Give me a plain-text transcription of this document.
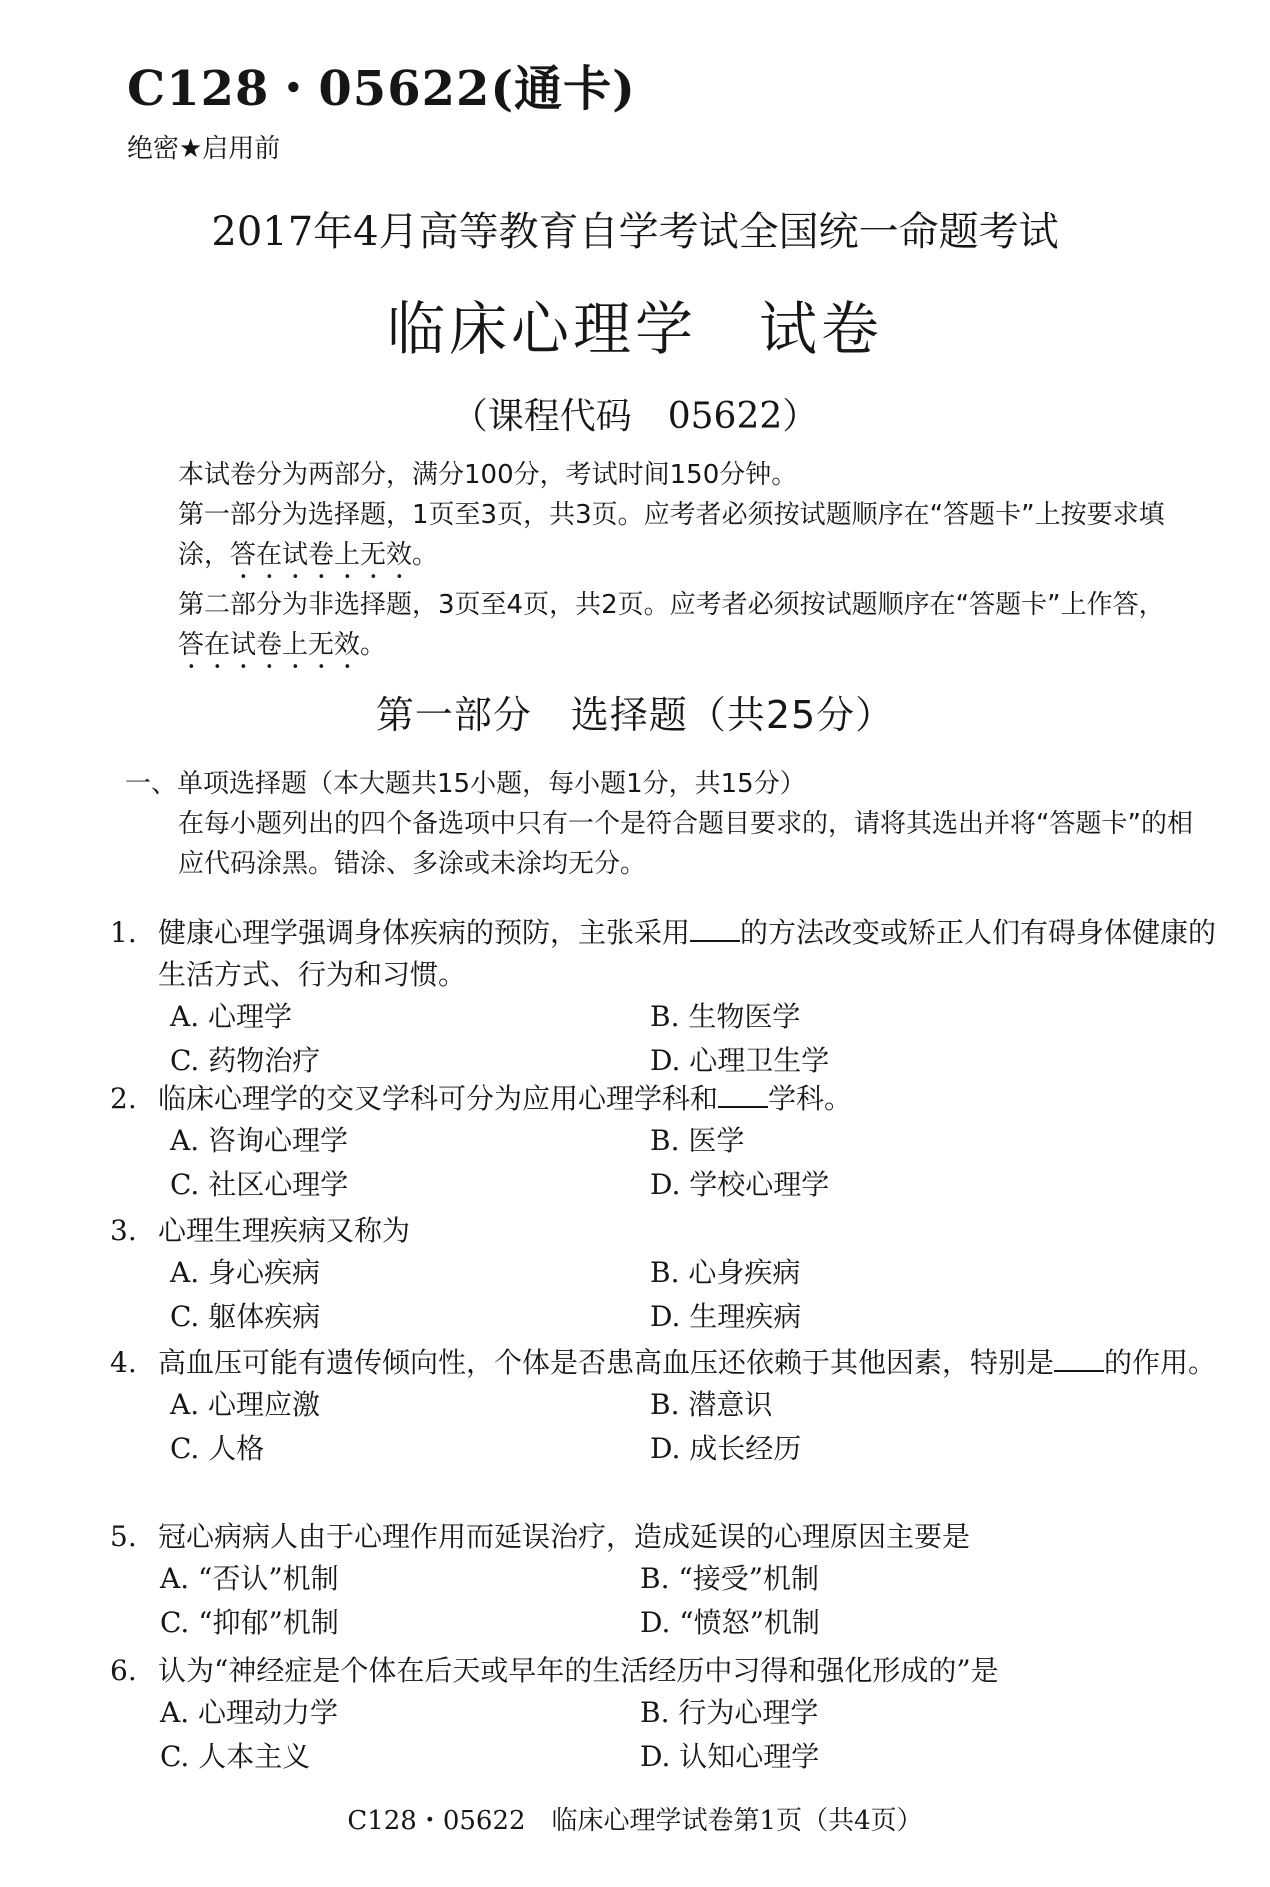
C128・05622(通卡)
绝密★启用前
2017年4月高等教育自学考试全国统一命题考试
临床心理学　试卷
（课程代码　05622）

本试卷分为两部分，满分100分，考试时间150分钟。

第一部分为选择题，1页至3页，共3页。应考者必须按试题顺序在“答题卡”上按要求填涂，答在试卷上无效。

第二部分为非选择题，3页至4页，共2页。应考者必须按试题顺序在“答题卡”上作答，答在试卷上无效。

第一部分　选择题（共25分）
一、单项选择题（本大题共15小题，每小题1分，共15分）
在每小题列出的四个备选项中只有一个是符合题目要求的，请将其选出并将“答题卡”的相应代码涂黑。错涂、多涂或未涂均无分。
1. 健康心理学强调身体疾病的预防，主张采用 的方法改变或矫正人们有碍身体健康的生活方式、行为和习惯。
A. 心理学	B. 生物医学
C. 药物治疗	D. 心理卫生学
2. 临床心理学的交叉学科可分为应用心理学科和 学科。
A. 咨询心理学	B. 医学
C. 社区心理学	D. 学校心理学
3. 心理生理疾病又称为
A. 身心疾病	B. 心身疾病
C. 躯体疾病	D. 生理疾病
4. 高血压可能有遗传倾向性，个体是否患高血压还依赖于其他因素，特别是 的作用。
A. 心理应激	B. 潜意识
C. 人格	D. 成长经历
5. 冠心病病人由于心理作用而延误治疗，造成延误的心理原因主要是
A. “否认”机制	B. “接受”机制
C. “抑郁”机制	D. “愤怒”机制
6. 认为“神经症是个体在后天或早年的生活经历中习得和强化形成的”是
A. 心理动力学	B. 行为心理学
C. 人本主义	D. 认知心理学
C128・05622　临床心理学试卷第1页（共4页）
